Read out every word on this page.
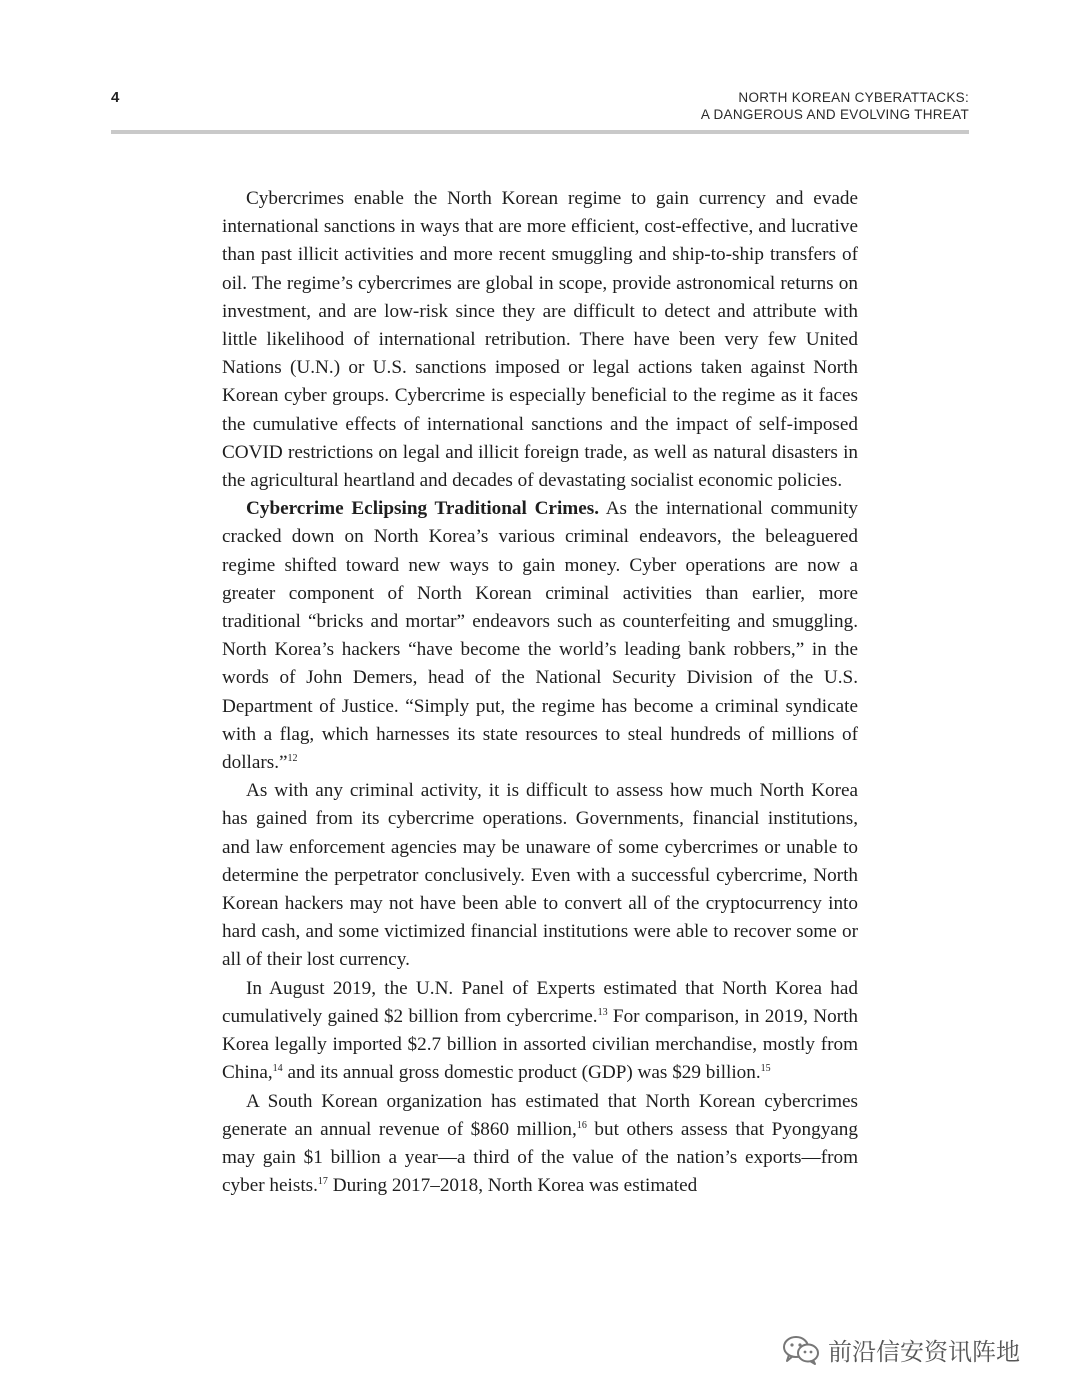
4	NORTH KOREAN CYBERATTACKS:
A DANGEROUS AND EVOLVING THREAT

Cybercrimes enable the North Korean regime to gain currency and evade international sanctions in ways that are more efficient, cost-effective, and lucrative than past illicit activities and more recent smuggling and ship-to-ship transfers of oil. The regime’s cybercrimes are global in scope, provide astronomical returns on investment, and are low-risk since they are difficult to detect and attribute with little likelihood of international retribution. There have been very few United Nations (U.N.) or U.S. sanctions imposed or legal actions taken against North Korean cyber groups. Cybercrime is especially beneficial to the regime as it faces the cumulative effects of international sanctions and the impact of self-imposed COVID restrictions on legal and illicit foreign trade, as well as natural disasters in the agricultural heartland and decades of devastating socialist economic policies.

Cybercrime Eclipsing Traditional Crimes. As the international community cracked down on North Korea’s various criminal endeavors, the beleaguered regime shifted toward new ways to gain money. Cyber operations are now a greater component of North Korean criminal activities than earlier, more traditional “bricks and mortar” endeavors such as counterfeiting and smuggling. North Korea’s hackers “have become the world’s leading bank robbers,” in the words of John Demers, head of the National Security Division of the U.S. Department of Justice. “Simply put, the regime has become a criminal syndicate with a flag, which harnesses its state resources to steal hundreds of millions of dollars.”$^{12}$

As with any criminal activity, it is difficult to assess how much North Korea has gained from its cybercrime operations. Governments, financial institutions, and law enforcement agencies may be unaware of some cybercrimes or unable to determine the perpetrator conclusively. Even with a successful cybercrime, North Korean hackers may not have been able to convert all of the cryptocurrency into hard cash, and some victimized financial institutions were able to recover some or all of their lost currency.

In August 2019, the U.N. Panel of Experts estimated that North Korea had cumulatively gained $2 billion from cybercrime.$^{13}$ For comparison, in 2019, North Korea legally imported $2.7 billion in assorted civilian merchandise, mostly from China,$^{14}$ and its annual gross domestic product (GDP) was $29 billion.$^{15}$

A South Korean organization has estimated that North Korean cybercrimes generate an annual revenue of $860 million,$^{16}$ but others assess that Pyongyang may gain $1 billion a year—a third of the value of the nation’s exports—from cyber heists.$^{17}$ During 2017–2018, North Korea was estimated

前沿信安资讯阵地
